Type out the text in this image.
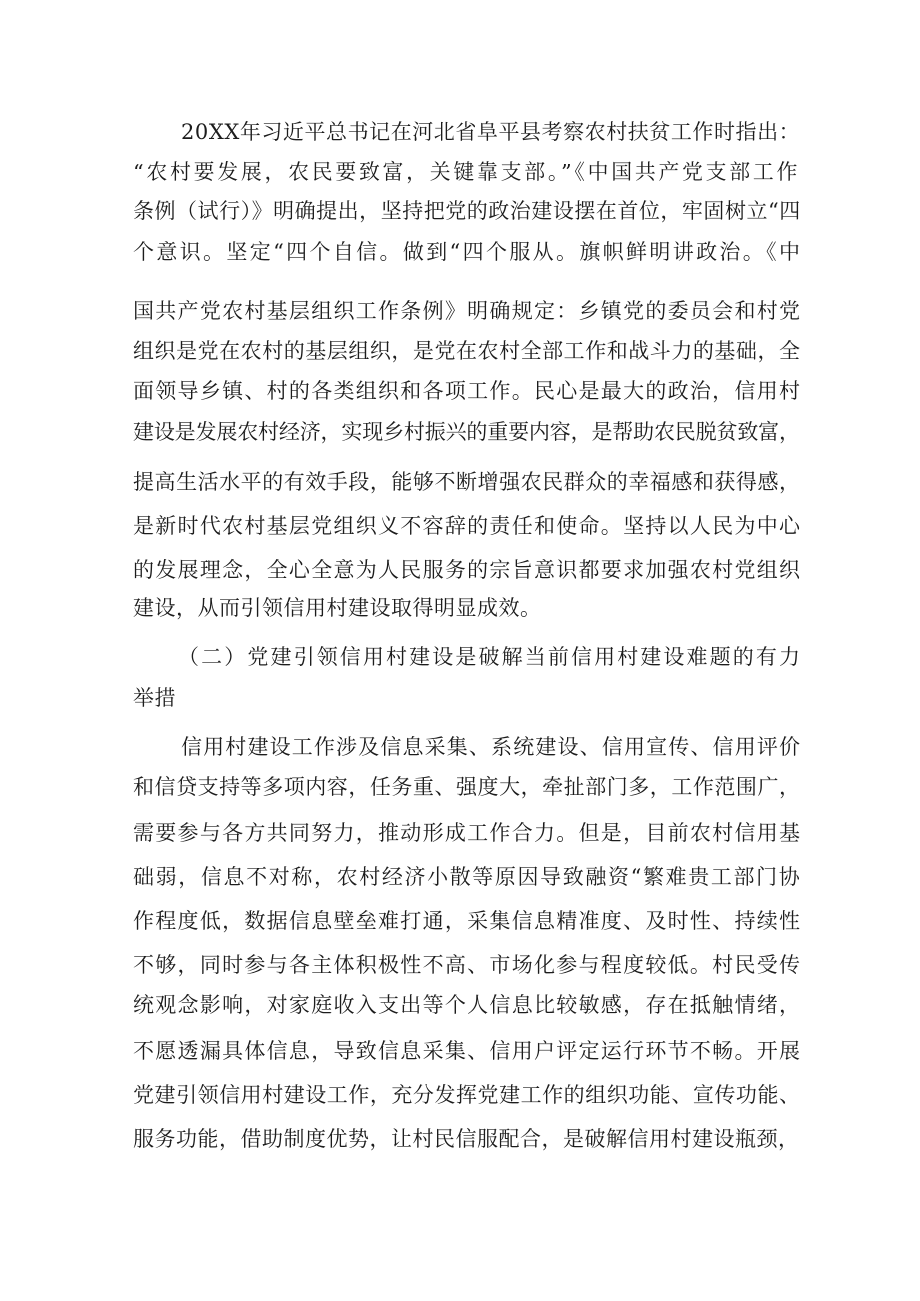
20XX年习近平总书记在河北省阜平县考察农村扶贫工作时指出：
“农村要发展，农民要致富，关键靠支部。”《中国共产党支部工作
条例（试行）》明确提出，坚持把党的政治建设摆在首位，牢固树立“四
个意识。坚定“四个自信。做到“四个服从。旗帜鲜明讲政治。《中
国共产党农村基层组织工作条例》明确规定：乡镇党的委员会和村党
组织是党在农村的基层组织，是党在农村全部工作和战斗力的基础，全
面领导乡镇、村的各类组织和各项工作。民心是最大的政治，信用村
建设是发展农村经济，实现乡村振兴的重要内容，是帮助农民脱贫致富，
提高生活水平的有效手段，能够不断增强农民群众的幸福感和获得感，
是新时代农村基层党组织义不容辞的责任和使命。坚持以人民为中心
的发展理念，全心全意为人民服务的宗旨意识都要求加强农村党组织
建设，从而引领信用村建设取得明显成效。
（二）党建引领信用村建设是破解当前信用村建设难题的有力
举措
信用村建设工作涉及信息采集、系统建设、信用宣传、信用评价
和信贷支持等多项内容，任务重、强度大，牵扯部门多，工作范围广，
需要参与各方共同努力，推动形成工作合力。但是，目前农村信用基
础弱，信息不对称，农村经济小散等原因导致融资“繁难贵工部门协
作程度低，数据信息壁垒难打通，采集信息精准度、及时性、持续性
不够，同时参与各主体积极性不高、市场化参与程度较低。村民受传
统观念影响，对家庭收入支出等个人信息比较敏感，存在抵触情绪，
不愿透漏具体信息，导致信息采集、信用户评定运行环节不畅。开展
党建引领信用村建设工作，充分发挥党建工作的组织功能、宣传功能、
服务功能，借助制度优势，让村民信服配合，是破解信用村建设瓶颈，
